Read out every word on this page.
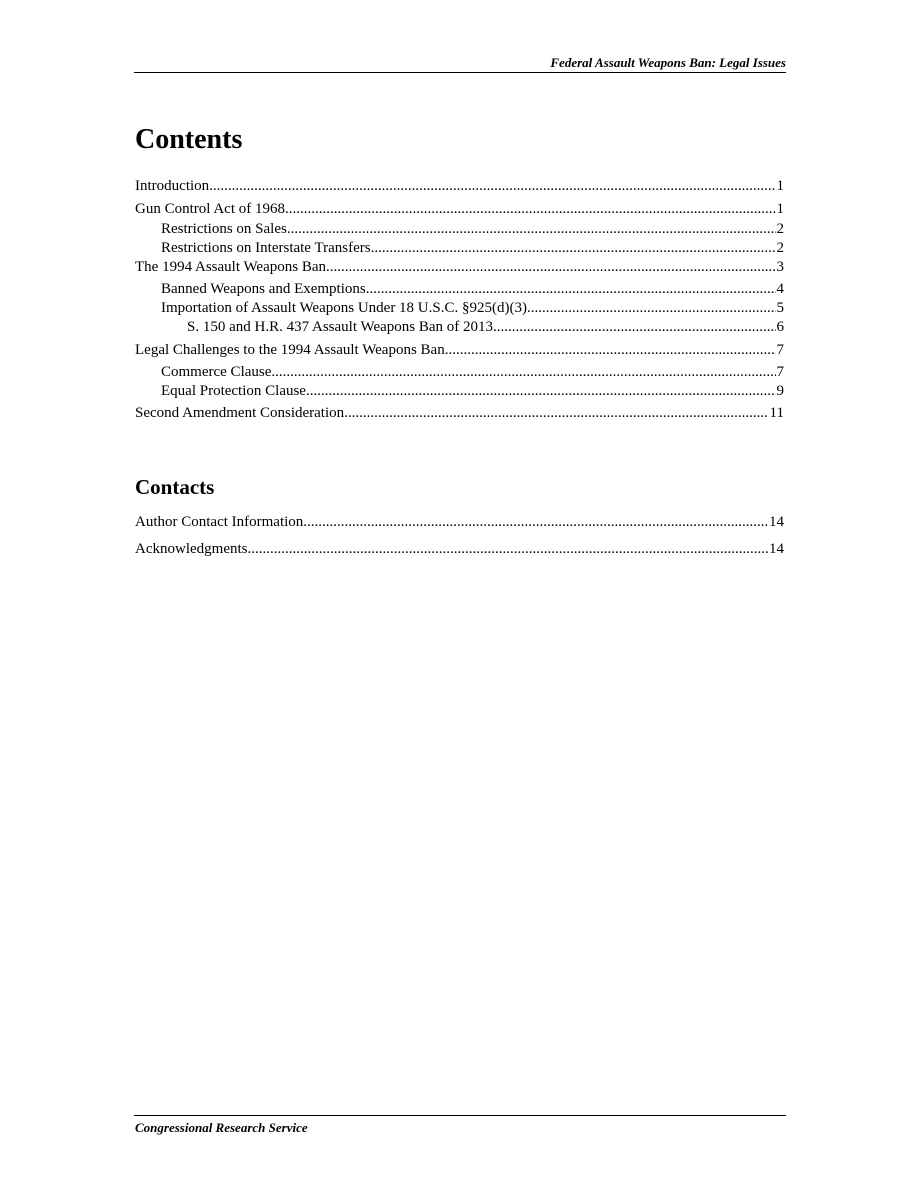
Federal Assault Weapons Ban: Legal Issues
Contents
Introduction .....	1
Gun Control Act of 1968 .....	1
Restrictions on Sales .....	2
Restrictions on Interstate Transfers .....	2
The 1994 Assault Weapons Ban .....	3
Banned Weapons and Exemptions .....	4
Importation of Assault Weapons Under 18 U.S.C. §925(d)(3) .....	5
S. 150 and H.R. 437 Assault Weapons Ban of 2013 .....	6
Legal Challenges to the 1994 Assault Weapons Ban .....	7
Commerce Clause .....	7
Equal Protection Clause .....	9
Second Amendment Consideration .....	11
Contacts
Author Contact Information .....	14
Acknowledgments .....	14
Congressional Research Service
